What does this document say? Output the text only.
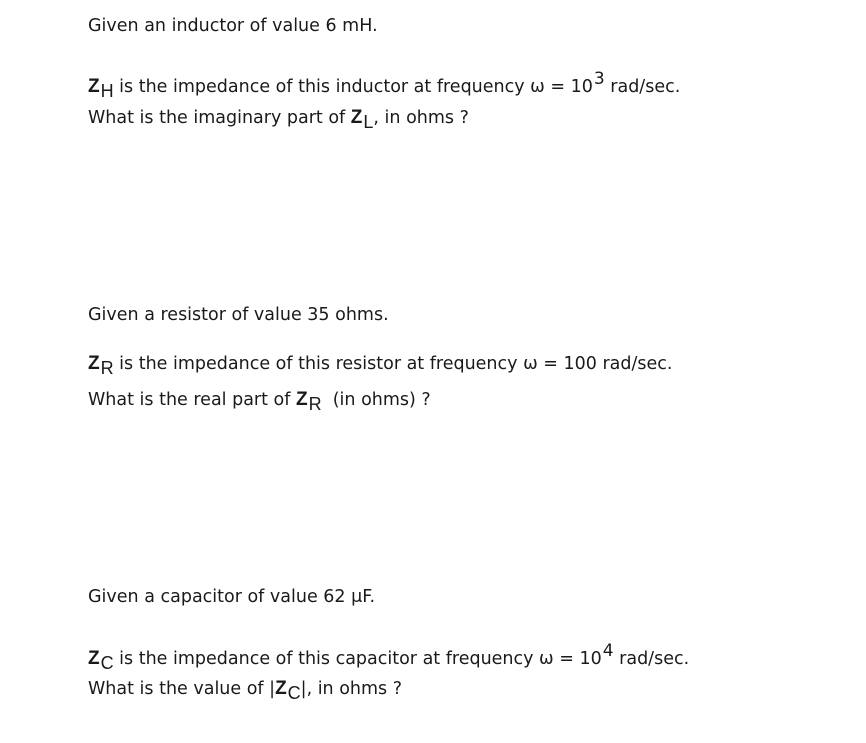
Given an inductor of value 6 mH.
ZH is the impedance of this inductor at frequency ω = 103 rad/sec.
What is the imaginary part of ZL, in ohms ?
Given a resistor of value 35 ohms.
ZR is the impedance of this resistor at frequency ω = 100 rad/sec.
What is the real part of ZR  (in ohms) ?
Given a capacitor of value 62 μF.
ZC is the impedance of this capacitor at frequency ω = 104 rad/sec.
What is the value of |ZC|, in ohms ?
